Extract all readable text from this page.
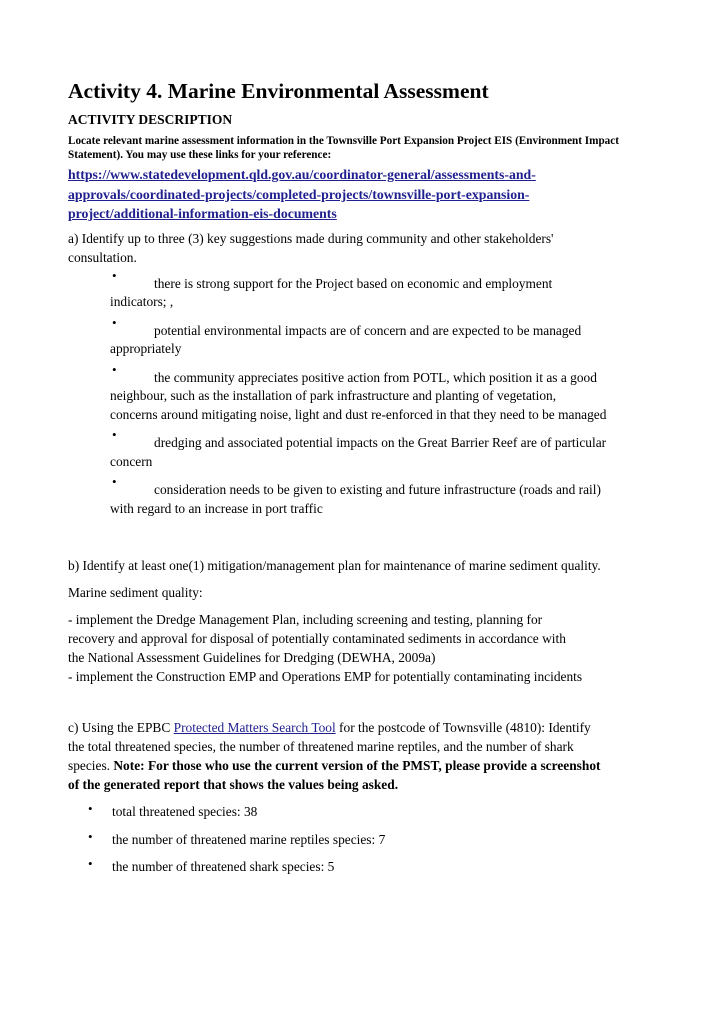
Activity 4. Marine Environmental Assessment
ACTIVITY DESCRIPTION
Locate relevant marine assessment information in the Townsville Port Expansion Project EIS (Environment Impact Statement). You may use these links for your reference:
https://www.statedevelopment.qld.gov.au/coordinator-general/assessments-and-
approvals/coordinated-projects/completed-projects/townsville-port-expansion-
project/additional-information-eis-documents
a) Identify up to three (3) key suggestions made during community and other stakeholders'
consultation.
•
there is strong support for the Project based on economic and employment
indicators; ,
•
potential environmental impacts are of concern and are expected to be managed
appropriately
•
the community appreciates positive action from POTL, which position it as a good
neighbour, such as the installation of park infrastructure and planting of vegetation,
concerns around mitigating noise, light and dust re-enforced in that they need to be managed
•
dredging and associated potential impacts on the Great Barrier Reef are of particular
concern
•
consideration needs to be given to existing and future infrastructure (roads and rail)
with regard to an increase in port traffic
b) Identify at least one(1) mitigation/management plan for maintenance of marine sediment quality.
Marine sediment quality:
- implement the Dredge Management Plan, including screening and testing, planning for
recovery and approval for disposal of potentially contaminated sediments in accordance with
the National Assessment Guidelines for Dredging (DEWHA, 2009a)
- implement the Construction EMP and Operations EMP for potentially contaminating incidents
c) Using the EPBC Protected Matters Search Tool for the postcode of Townsville (4810): Identify
the total threatened species, the number of threatened marine reptiles, and the number of shark
species. Note: For those who use the current version of the PMST, please provide a screenshot
of the generated report that shows the values being asked.
• total threatened species: 38
• the number of threatened marine reptiles species: 7
• the number of threatened shark species: 5
